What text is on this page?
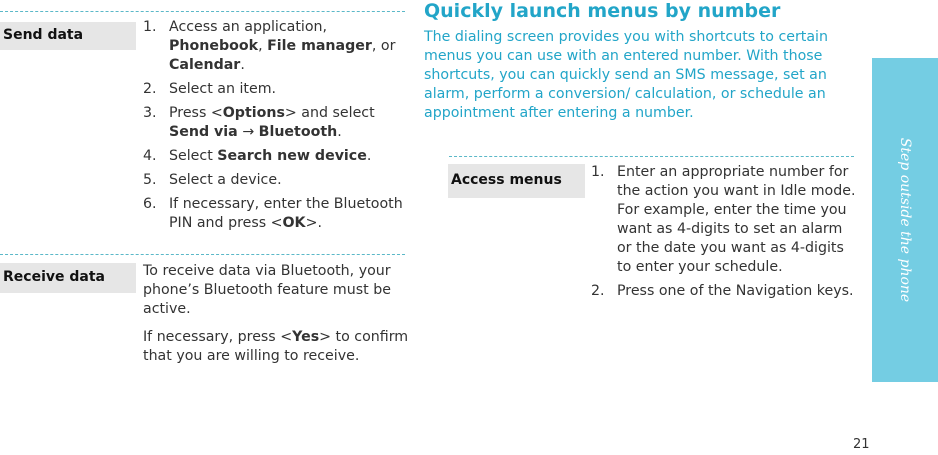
Send data	1. Access an application, Phonebook, File manager, or Calendar.
2. Select an item.
3. Press <Options> and select Send via → Bluetooth.
4. Select Search new device.
5. Select a device.
6. If necessary, enter the Bluetooth PIN and press <OK>.
Receive data	To receive data via Bluetooth, your phone’s Bluetooth feature must be active.

If necessary, press <Yes> to confirm that you are willing to receive.

Quickly launch menus by number
The dialing screen provides you with shortcuts to certain menus you can use with an entered number. With those shortcuts, you can quickly send an SMS message, set an alarm, perform a conversion/ calculation, or schedule an appointment after entering a number.
Access menus	1. Enter an appropriate number for the action you want in Idle mode.
For example, enter the time you want as 4-digits to set an alarm or the date you want as 4-digits to enter your schedule.
2. Press one of the Navigation keys.	Step outside the phone
21
